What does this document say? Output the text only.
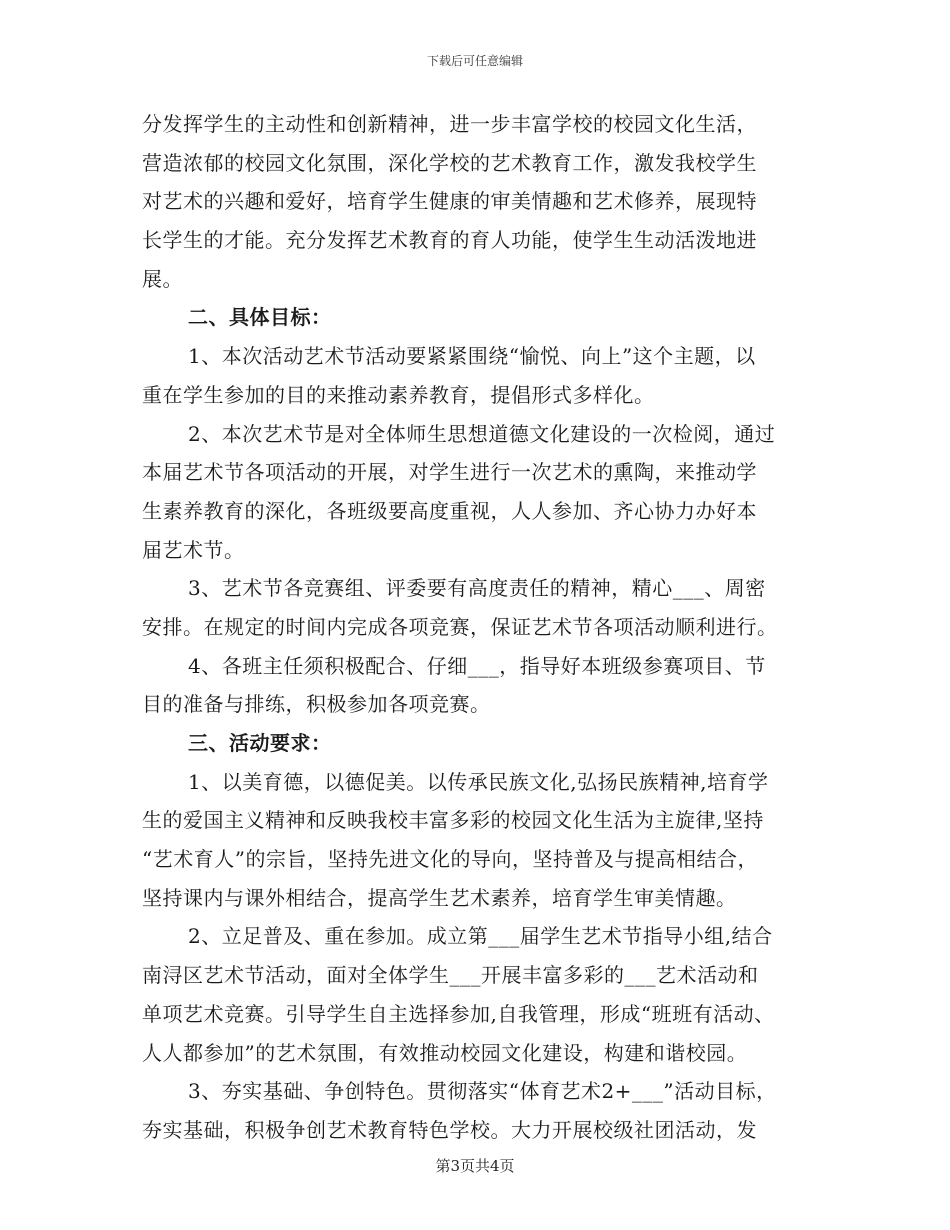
下载后可任意编辑
分发挥学生的主动性和创新精神，进一步丰富学校的校园文化生活，
营造浓郁的校园文化氛围，深化学校的艺术教育工作，激发我校学生
对艺术的兴趣和爱好，培育学生健康的审美情趣和艺术修养，展现特
长学生的才能。充分发挥艺术教育的育人功能，使学生生动活泼地进
展。
二、具体目标：
1、本次活动艺术节活动要紧紧围绕“愉悦、向上”这个主题，以
重在学生参加的目的来推动素养教育，提倡形式多样化。
2、本次艺术节是对全体师生思想道德文化建设的一次检阅，通过
本届艺术节各项活动的开展，对学生进行一次艺术的熏陶，来推动学
生素养教育的深化，各班级要高度重视，人人参加、齐心协力办好本
届艺术节。
3、艺术节各竞赛组、评委要有高度责任的精神，精心___、周密
安排。在规定的时间内完成各项竞赛，保证艺术节各项活动顺利进行。
4、各班主任须积极配合、仔细___，指导好本班级参赛项目、节
目的准备与排练，积极参加各项竞赛。
三、活动要求：
1、以美育德，以德促美。以传承民族文化,弘扬民族精神,培育学
生的爱国主义精神和反映我校丰富多彩的校园文化生活为主旋律,坚持
“艺术育人”的宗旨，坚持先进文化的导向，坚持普及与提高相结合，
坚持课内与课外相结合，提高学生艺术素养，培育学生审美情趣。
2、立足普及、重在参加。成立第___届学生艺术节指导小组,结合
南浔区艺术节活动，面对全体学生___开展丰富多彩的___艺术活动和
单项艺术竞赛。引导学生自主选择参加,自我管理，形成“班班有活动、
人人都参加”的艺术氛围，有效推动校园文化建设，构建和谐校园。
3、夯实基础、争创特色。贯彻落实“体育艺术2+___”活动目标，
夯实基础，积极争创艺术教育特色学校。大力开展校级社团活动，发
第3页共4页
